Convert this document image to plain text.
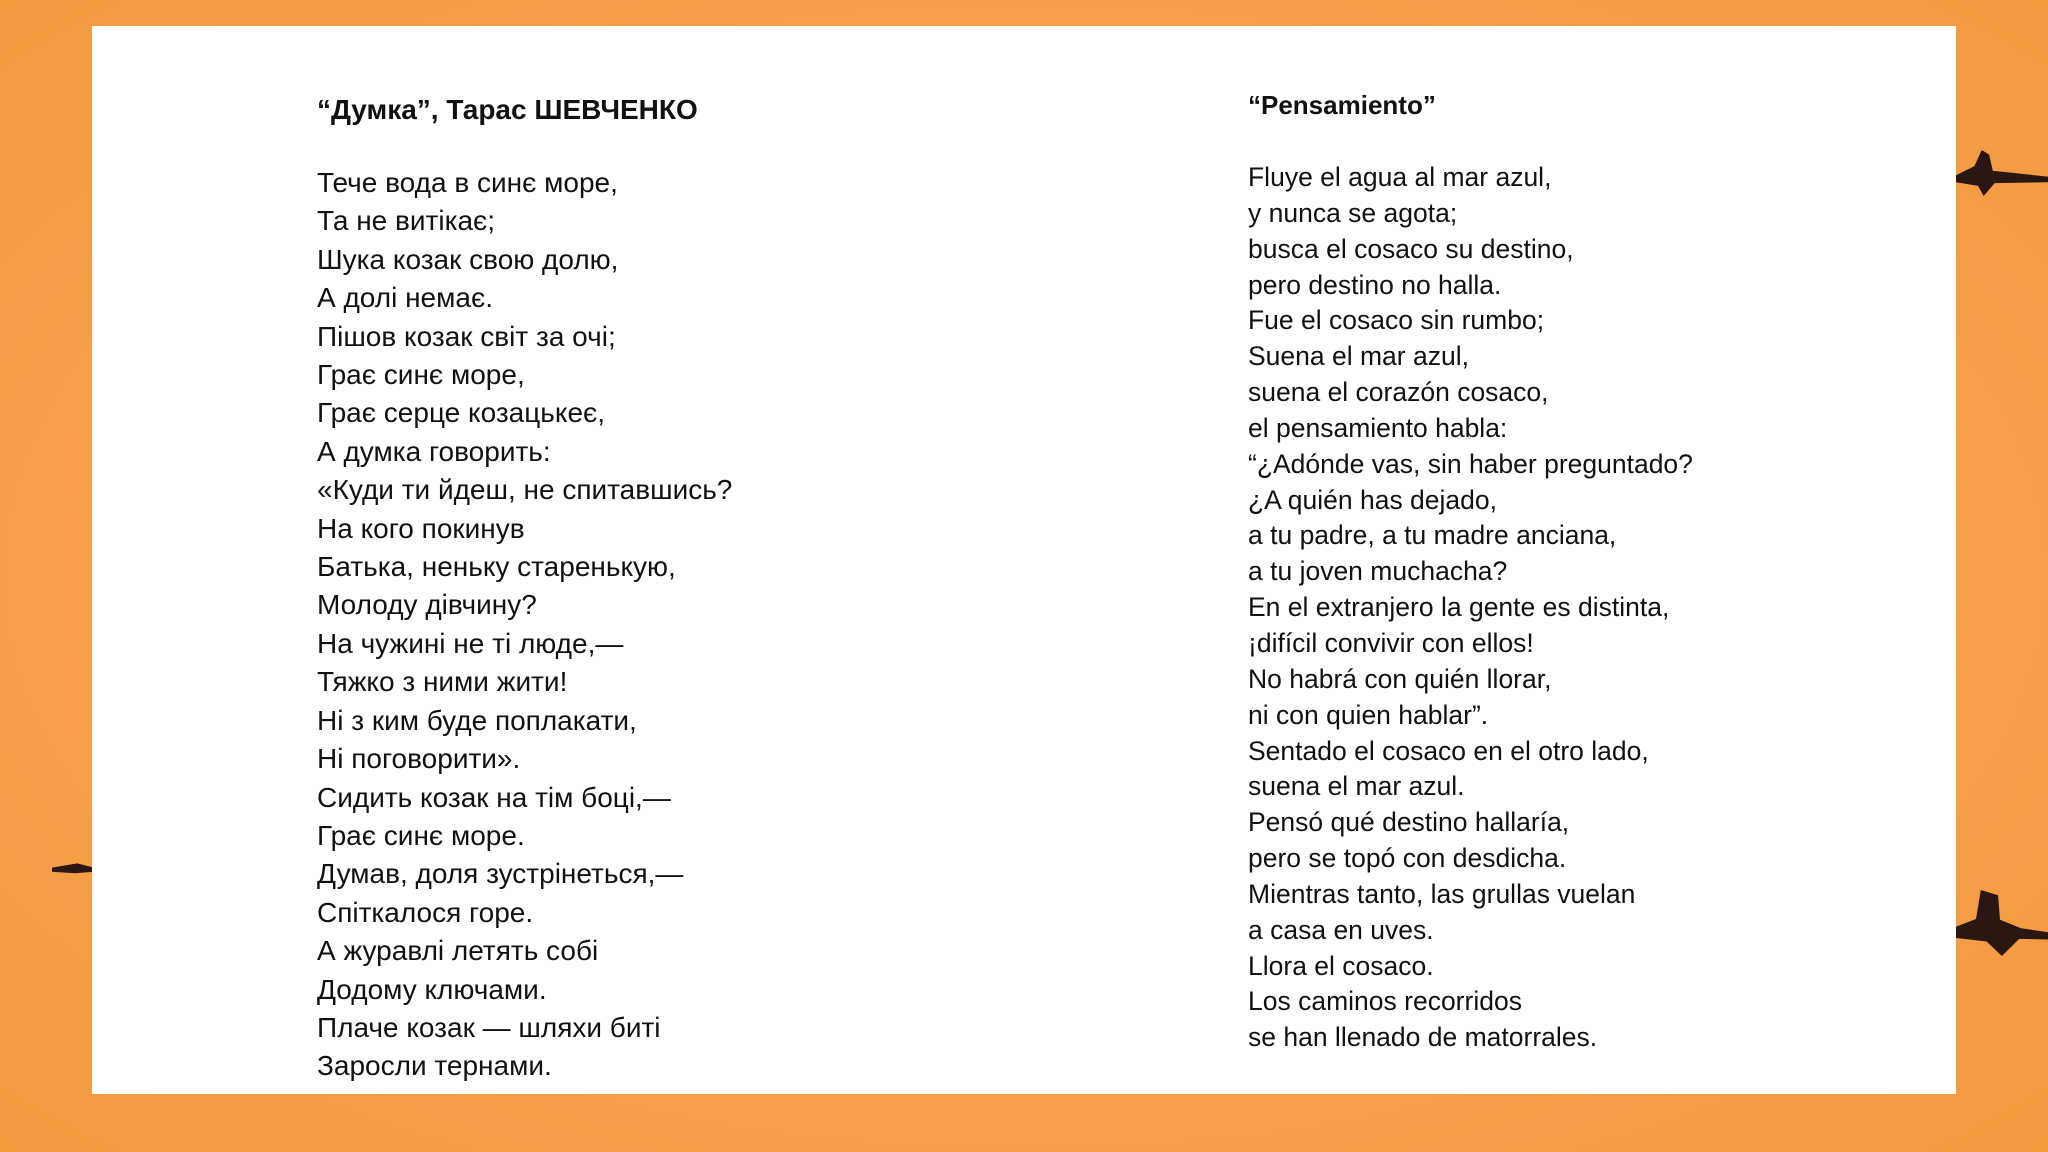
“Думка”, Тарас ШЕВЧЕНКО
Тече вода в синє море,
Та не витікає;
Шука козак свою долю,
А долі немає.
Пішов козак світ за очі;
Грає синє море,
Грає серце козацькеє,
А думка говорить:
«Куди ти йдеш, не спитавшись?
На кого покинув
Батька, неньку старенькую,
Молоду дівчину?
На чужині не ті люде,—
Тяжко з ними жити!
Ні з ким буде поплакати,
Ні поговорити».
Сидить козак на тім боці,—
Грає синє море.
Думав, доля зустрінеться,—
Спіткалося горе.
А журавлі летять собі
Додому ключами.
Плаче козак — шляхи биті
Заросли тернами.
“Pensamiento”
Fluye el agua al mar azul,
y nunca se agota;
busca el cosaco su destino,
pero destino no halla.
Fue el cosaco sin rumbo;
Suena el mar azul,
suena el corazón cosaco,
el pensamiento habla:
“¿Adónde vas, sin haber preguntado?
¿A quién has dejado,
a tu padre, a tu madre anciana,
a tu joven muchacha?
En el extranjero la gente es distinta,
¡difícil convivir con ellos!
No habrá con quién llorar,
ni con quien hablar”.
Sentado el cosaco en el otro lado,
suena el mar azul.
Pensó qué destino hallaría,
pero se topó con desdicha.
Mientras tanto, las grullas vuelan
a casa en uves.
Llora el cosaco.
Los caminos recorridos
se han llenado de matorrales.
